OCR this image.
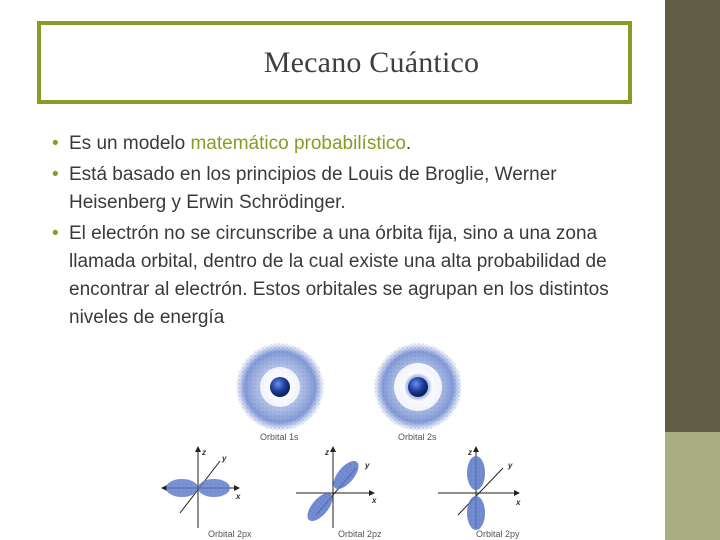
Mecano Cuántico
• Es un modelo matemático probabilístico.
• Está basado en los principios de Louis de Broglie, Werner Heisenberg y Erwin Schrödinger.
• El electrón no se circunscribe a una órbita fija, sino a una zona llamada orbital, dentro de la cual existe una alta probabilidad de encontrar al electrón. Estos orbitales se agrupan en los distintos niveles de energía
Orbital 1s	Orbital 2s
z
y
x
Orbital 2px
z
y
x
Orbital 2pz
z
y
x
Orbital 2py
